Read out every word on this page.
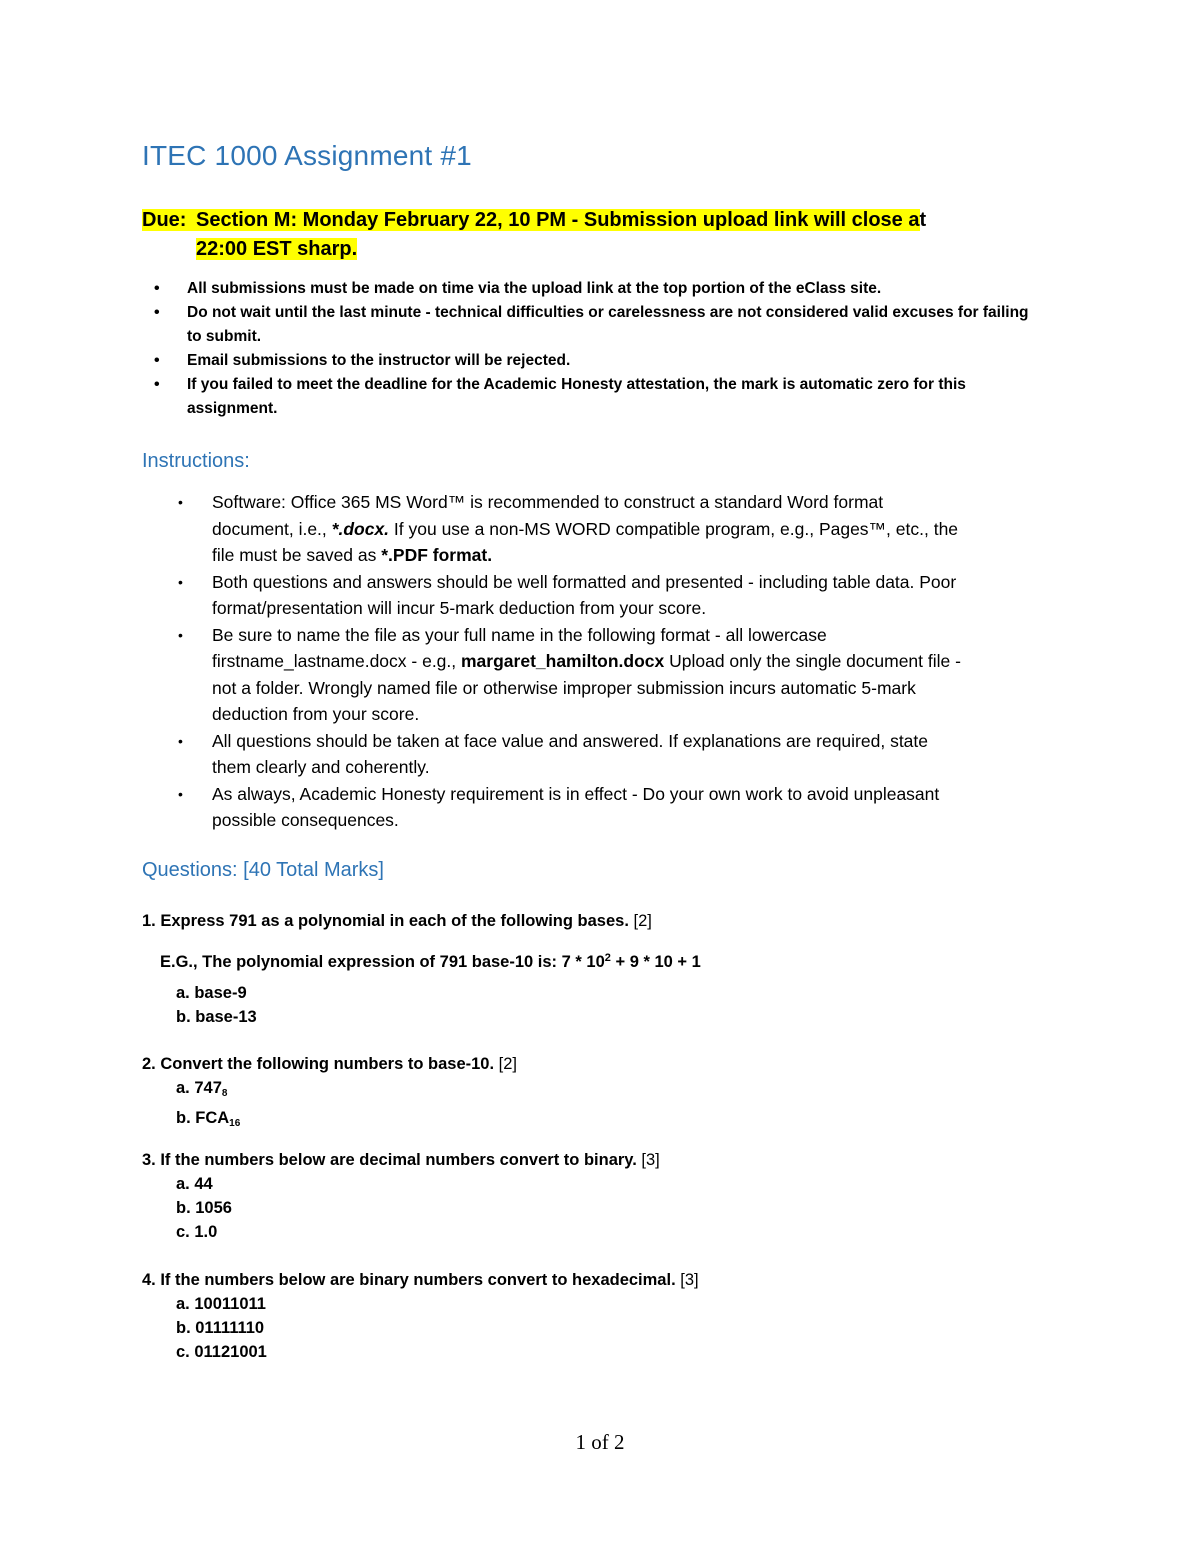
ITEC 1000 Assignment #1
Due: Section M: Monday February 22, 10 PM - Submission upload link will close at
22:00 EST sharp.
• All submissions must be made on time via the upload link at the top portion of the eClass site.
• Do not wait until the last minute - technical difficulties or carelessness are not considered valid excuses for failing to submit.
• Email submissions to the instructor will be rejected.
• If you failed to meet the deadline for the Academic Honesty attestation, the mark is automatic zero for this assignment.
Instructions:
• Software: Office 365 MS Word™ is recommended to construct a standard Word format document, i.e., *.docx. If you use a non-MS WORD compatible program, e.g., Pages™, etc., the file must be saved as *.PDF format.
• Both questions and answers should be well formatted and presented - including table data. Poor format/presentation will incur 5-mark deduction from your score.
• Be sure to name the file as your full name in the following format - all lowercase firstname_lastname.docx - e.g., margaret_hamilton.docx Upload only the single document file - not a folder. Wrongly named file or otherwise improper submission incurs automatic 5-mark deduction from your score.
• All questions should be taken at face value and answered. If explanations are required, state them clearly and coherently.
• As always, Academic Honesty requirement is in effect - Do your own work to avoid unpleasant possible consequences.
Questions: [40 Total Marks]
1. Express 791 as a polynomial in each of the following bases. [2]
E.G., The polynomial expression of 791 base-10 is: $7 * 10^2 + 9 * 10 + 1$
a. base-9
b. base-13
2. Convert the following numbers to base-10. [2]
a. $747_8$
b. $FCA_{16}$
3. If the numbers below are decimal numbers convert to binary. [3]
a. 44
b. 1056
c. 1.0
4. If the numbers below are binary numbers convert to hexadecimal. [3]
a. 10011011
b. 01111110
c. 01121001
1 of 2
